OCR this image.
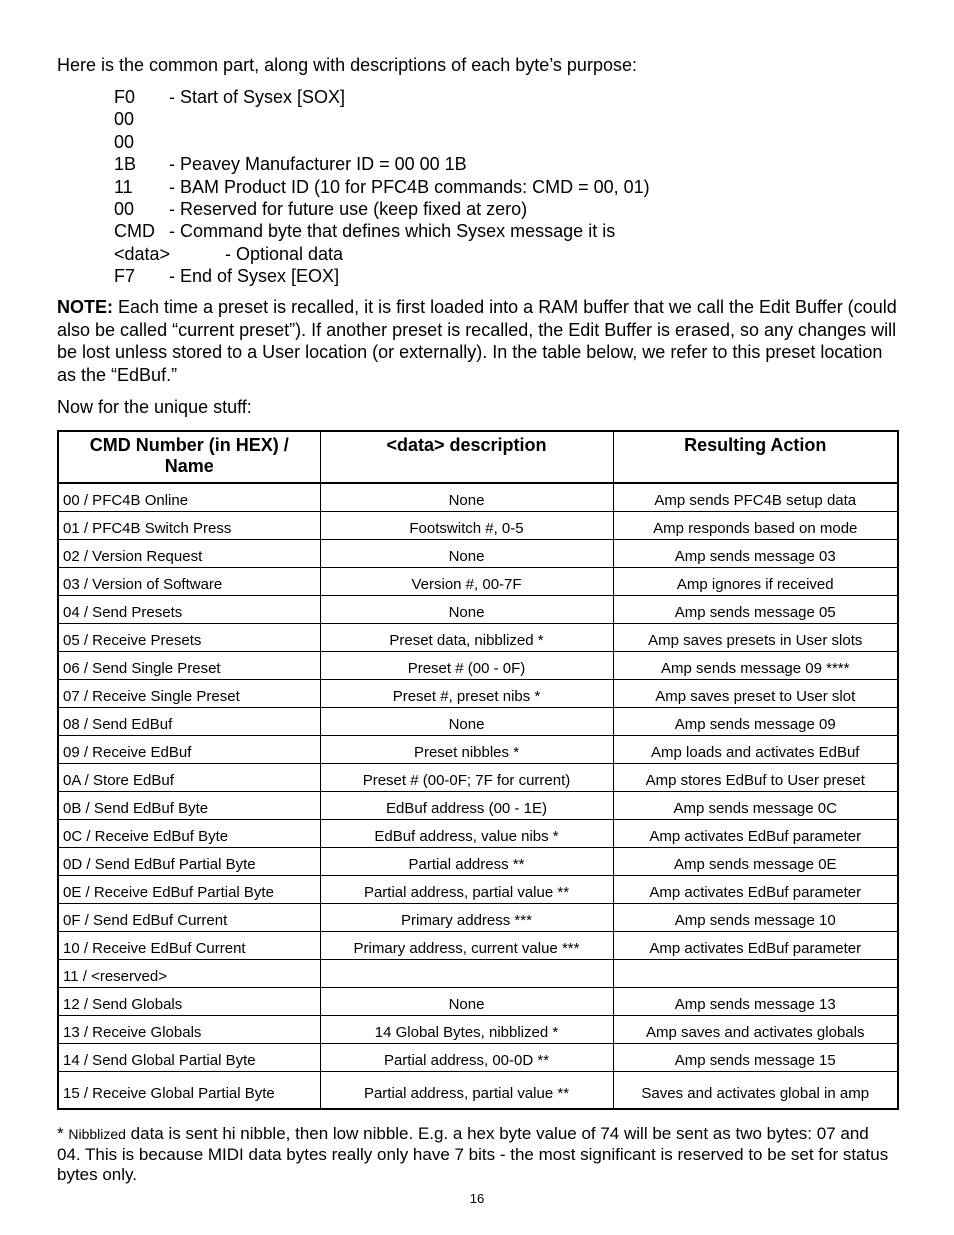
Here is the common part, along with descriptions of each byte’s purpose:
F0 - Start of Sysex [SOX]
00
00
1B - Peavey Manufacturer ID = 00 00 1B
11 - BAM Product ID (10 for PFC4B commands: CMD = 00, 01)
00 - Reserved for future use (keep fixed at zero)
CMD - Command byte that defines which Sysex message it is
<data>	- Optional data
F7 - End of Sysex [EOX]
NOTE: Each time a preset is recalled, it is first loaded into a RAM buffer that we call the Edit Buffer (could also be called “current preset”). If another preset is recalled, the Edit Buffer is erased, so any changes will be lost unless stored to a User location (or externally). In the table below, we refer to this preset location as the “EdBuf.”
Now for the unique stuff:
CMD Number (in HEX) / Name	<data> description	Resulting Action
00 / PFC4B Online	None	Amp sends PFC4B setup data
01 / PFC4B Switch Press	Footswitch #, 0-5	Amp responds based on mode
02 / Version Request	None	Amp sends message 03
03 / Version of Software	Version #, 00-7F	Amp ignores if received
04 / Send Presets	None	Amp sends message 05
05 / Receive Presets	Preset data, nibblized *	Amp saves presets in User slots
06 / Send Single Preset	Preset # (00 - 0F)	Amp sends message 09 ****
07 / Receive Single Preset	Preset #, preset nibs *	Amp saves preset to User slot
08 / Send EdBuf	None	Amp sends message 09
09 / Receive EdBuf	Preset nibbles *	Amp loads and activates EdBuf
0A / Store EdBuf	Preset # (00-0F; 7F for current)	Amp stores EdBuf to User preset
0B / Send EdBuf Byte	EdBuf address (00 - 1E)	Amp sends message 0C
0C / Receive EdBuf Byte	EdBuf address, value nibs *	Amp activates EdBuf parameter
0D / Send EdBuf Partial Byte	Partial address **	Amp sends message 0E
0E / Receive EdBuf Partial Byte	Partial address, partial value **	Amp activates EdBuf parameter
0F / Send EdBuf Current	Primary address ***	Amp sends message 10
10 / Receive EdBuf Current	Primary address, current value ***	Amp activates EdBuf parameter
11 / <reserved>		
12 / Send Globals	None	Amp sends message 13
13 / Receive Globals	14 Global Bytes, nibblized *	Amp saves and activates globals
14 / Send Global Partial Byte	Partial address, 00-0D **	Amp sends message 15
15 / Receive Global Partial Byte	Partial address, partial value **	Saves and activates global in amp
* Nibblized data is sent hi nibble, then low nibble. E.g. a hex byte value of 74 will be sent as two bytes: 07 and 04. This is because MIDI data bytes really only have 7 bits - the most significant is reserved to be set for status bytes only.
16
